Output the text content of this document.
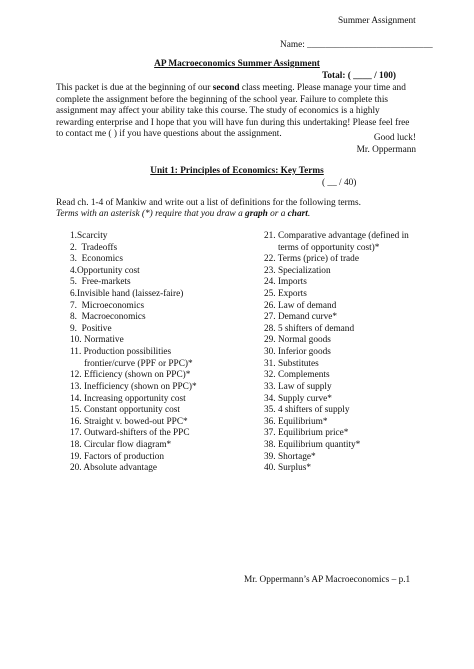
Summer Assignment
Name: ___________________________
AP Macroeconomics Summer Assignment
Total: ( ____ / 100)
This packet is due at the beginning of our second class meeting. Please manage your time and
complete the assignment before the beginning of the school year. Failure to complete this
assignment may affect your ability take this course. The study of economics is a highly
rewarding enterprise and I hope that you will have fun during this undertaking! Please feel free
to contact me ( ) if you have questions about the assignment.	Good luck!
Mr. Oppermann
Unit 1: Principles of Economics: Key Terms
( __ / 40)
Read ch. 1-4 of Mankiw and write out a list of definitions for the following terms.
Terms with an asterisk (*) require that you draw a graph or a chart.
1.Scarcity
2.  Tradeoffs
3.  Economics
4.Opportunity cost
5.  Free-markets
6.Invisible hand (laissez-faire)
7.  Microeconomics
8.  Macroeconomics
9.  Positive
10. Normative
11. Production possibilities
frontier/curve (PPF or PPC)*
12. Efficiency (shown on PPC)*
13. Inefficiency (shown on PPC)*
14. Increasing opportunity cost
15. Constant opportunity cost
16. Straight v. bowed-out PPC*
17. Outward-shifters of the PPC
18. Circular flow diagram*
19. Factors of production
20. Absolute advantage
21. Comparative advantage (defined in
terms of opportunity cost)*
22. Terms (price) of trade
23. Specialization
24. Imports
25. Exports
26. Law of demand
27. Demand curve*
28. 5 shifters of demand
29. Normal goods
30. Inferior goods
31. Substitutes
32. Complements
33. Law of supply
34. Supply curve*
35. 4 shifters of supply
36. Equilibrium*
37. Equilibrium price*
38. Equilibrium quantity*
39. Shortage*
40. Surplus*
Mr. Oppermann’s AP Macroeconomics – p.1
